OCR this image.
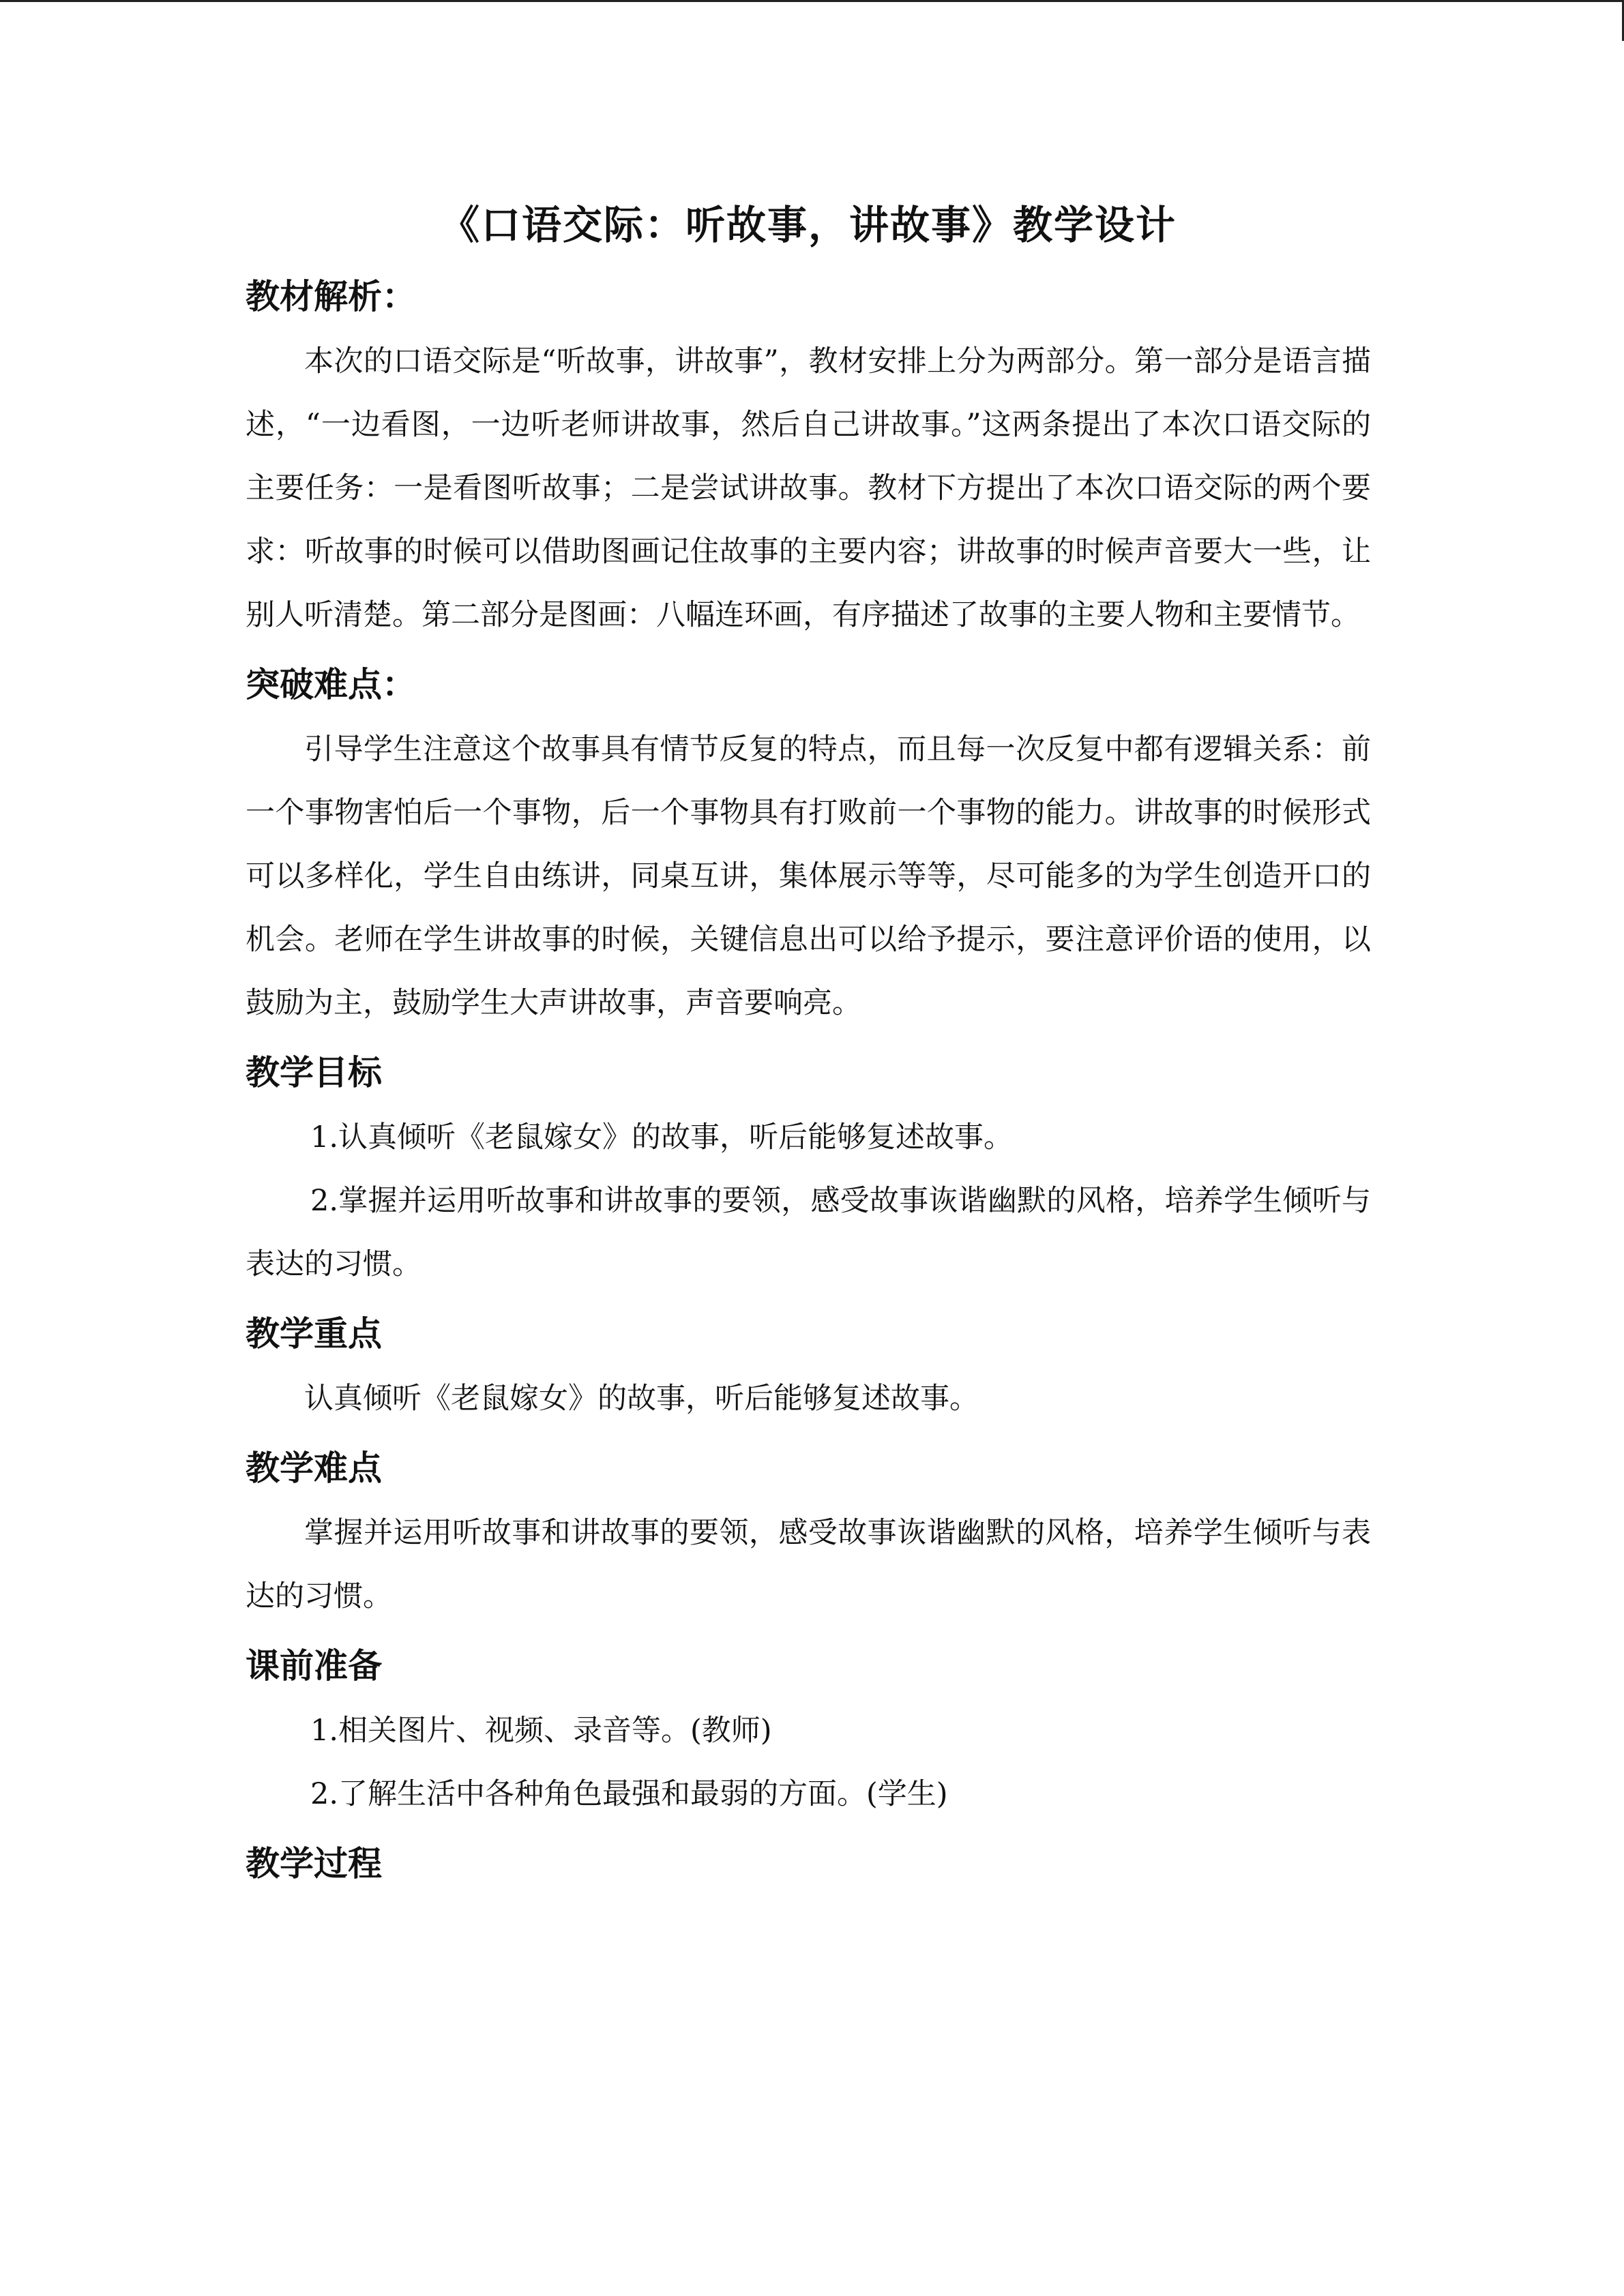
《口语交际：听故事，讲故事》教学设计
教材解析：

本次的口语交际是“听故事，讲故事”，教材安排上分为两部分。第一部分是语言描述，“一边看图，一边听老师讲故事，然后自己讲故事。”这两条提出了本次口语交际的主要任务：一是看图听故事；二是尝试讲故事。教材下方提出了本次口语交际的两个要求：听故事的时候可以借助图画记住故事的主要内容；讲故事的时候声音要大一些，让别人听清楚。第二部分是图画：八幅连环画，有序描述了故事的主要人物和主要情节。

突破难点：

引导学生注意这个故事具有情节反复的特点，而且每一次反复中都有逻辑关系：前一个事物害怕后一个事物，后一个事物具有打败前一个事物的能力。讲故事的时候形式可以多样化，学生自由练讲，同桌互讲，集体展示等等，尽可能多的为学生创造开口的机会。老师在学生讲故事的时候，关键信息出可以给予提示，要注意评价语的使用，以鼓励为主，鼓励学生大声讲故事，声音要响亮。

教学目标

1.认真倾听《老鼠嫁女》的故事，听后能够复述故事。

2.掌握并运用听故事和讲故事的要领，感受故事诙谐幽默的风格，培养学生倾听与表达的习惯。

教学重点

认真倾听《老鼠嫁女》的故事，听后能够复述故事。

教学难点

掌握并运用听故事和讲故事的要领，感受故事诙谐幽默的风格，培养学生倾听与表达的习惯。

课前准备

1.相关图片、视频、录音等。(教师)

2.了解生活中各种角色最强和最弱的方面。(学生)

教学过程
